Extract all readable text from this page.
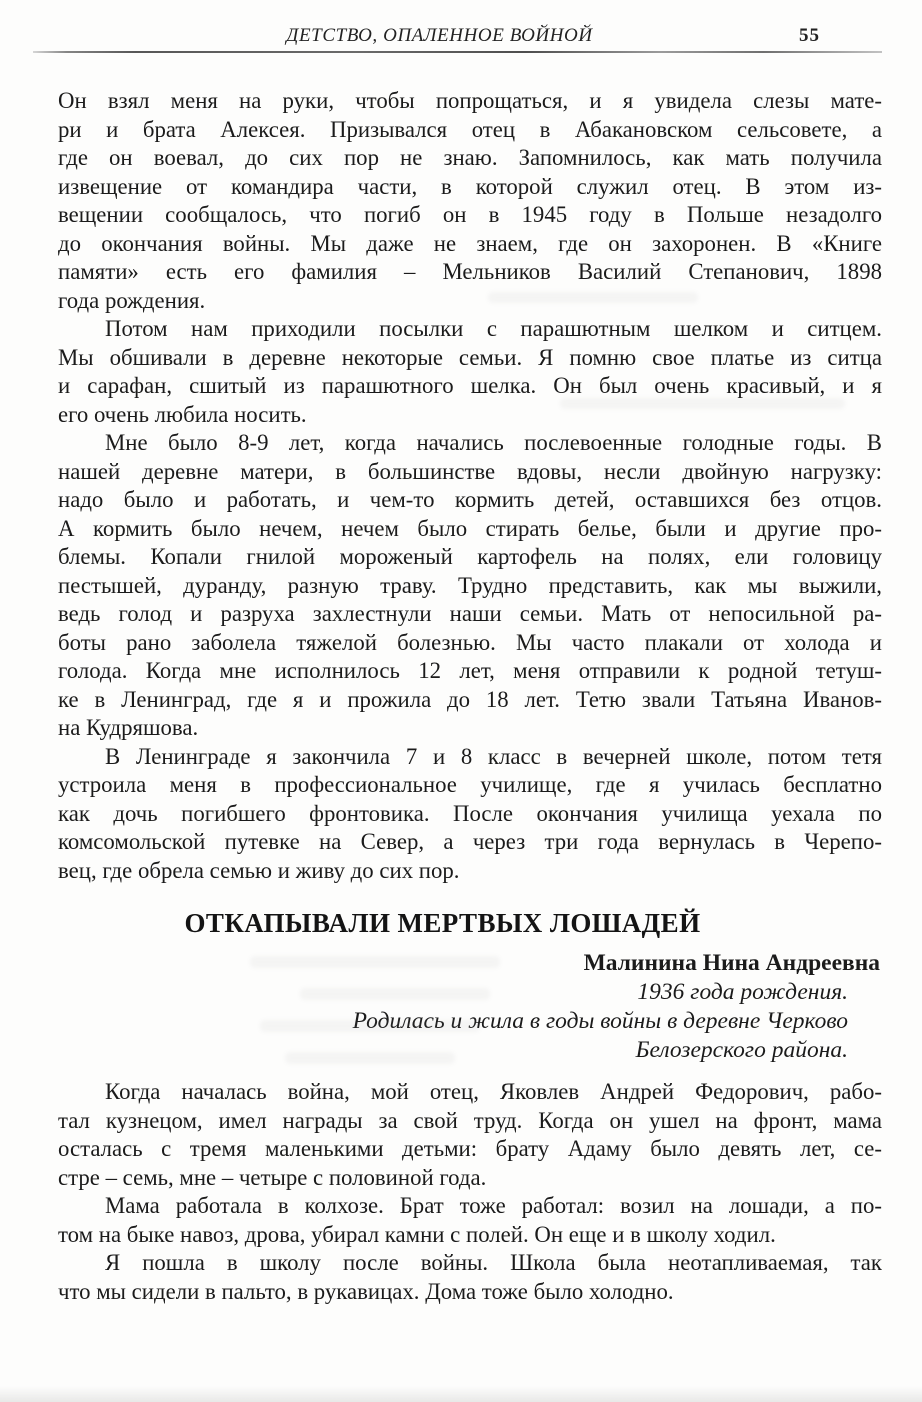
ДЕТСТВО, ОПАЛЕННОЕ ВОЙНОЙ	55
Он взял меня на руки, чтобы попрощаться, и я увидела слезы мате-
ри и брата Алексея. Призывался отец в Абакановском сельсовете, а
где он воевал, до сих пор не знаю. Запомнилось, как мать получила
извещение от командира части, в которой служил отец. В этом из-
вещении сообщалось, что погиб он в 1945 году в Польше незадолго
до окончания войны. Мы даже не знаем, где он захоронен. В «Книге
памяти» есть его фамилия – Мельников Василий Степанович, 1898
года рождения.
Потом нам приходили посылки с парашютным шелком и ситцем.
Мы обшивали в деревне некоторые семьи. Я помню свое платье из ситца
и сарафан, сшитый из парашютного шелка. Он был очень красивый, и я
его очень любила носить.
Мне было 8-9 лет, когда начались послевоенные голодные годы. В
нашей деревне матери, в большинстве вдовы, несли двойную нагрузку:
надо было и работать, и чем-то кормить детей, оставшихся без отцов.
А кормить было нечем, нечем было стирать белье, были и другие про-
блемы. Копали гнилой мороженый картофель на полях, ели головицу
пестышей, дуранду, разную траву. Трудно представить, как мы выжили,
ведь голод и разруха захлестнули наши семьи. Мать от непосильной ра-
боты рано заболела тяжелой болезнью. Мы часто плакали от холода и
голода. Когда мне исполнилось 12 лет, меня отправили к родной тетуш-
ке в Ленинград, где я и прожила до 18 лет. Тетю звали Татьяна Иванов-
на Кудряшова.
В Ленинграде я закончила 7 и 8 класс в вечерней школе, потом тетя
устроила меня в профессиональное училище, где я училась бесплатно
как дочь погибшего фронтовика. После окончания училища уехала по
комсомольской путевке на Север, а через три года вернулась в Черепо-
вец, где обрела семью и живу до сих пор.
ОТКАПЫВАЛИ МЕРТВЫХ ЛОШАДЕЙ
Малинина Нина Андреевна
1936 года рождения.
Родилась и жила в годы войны в деревне Черково
Белозерского района.
Когда началась война, мой отец, Яковлев Андрей Федорович, рабо-
тал кузнецом, имел награды за свой труд. Когда он ушел на фронт, мама
осталась с тремя маленькими детьми: брату Адаму было девять лет, се-
стре – семь, мне – четыре с половиной года.
Мама работала в колхозе. Брат тоже работал: возил на лошади, а по-
том на быке навоз, дрова, убирал камни с полей. Он еще и в школу ходил.
Я пошла в школу после войны. Школа была неотапливаемая, так
что мы сидели в пальто, в рукавицах. Дома тоже было холодно.
